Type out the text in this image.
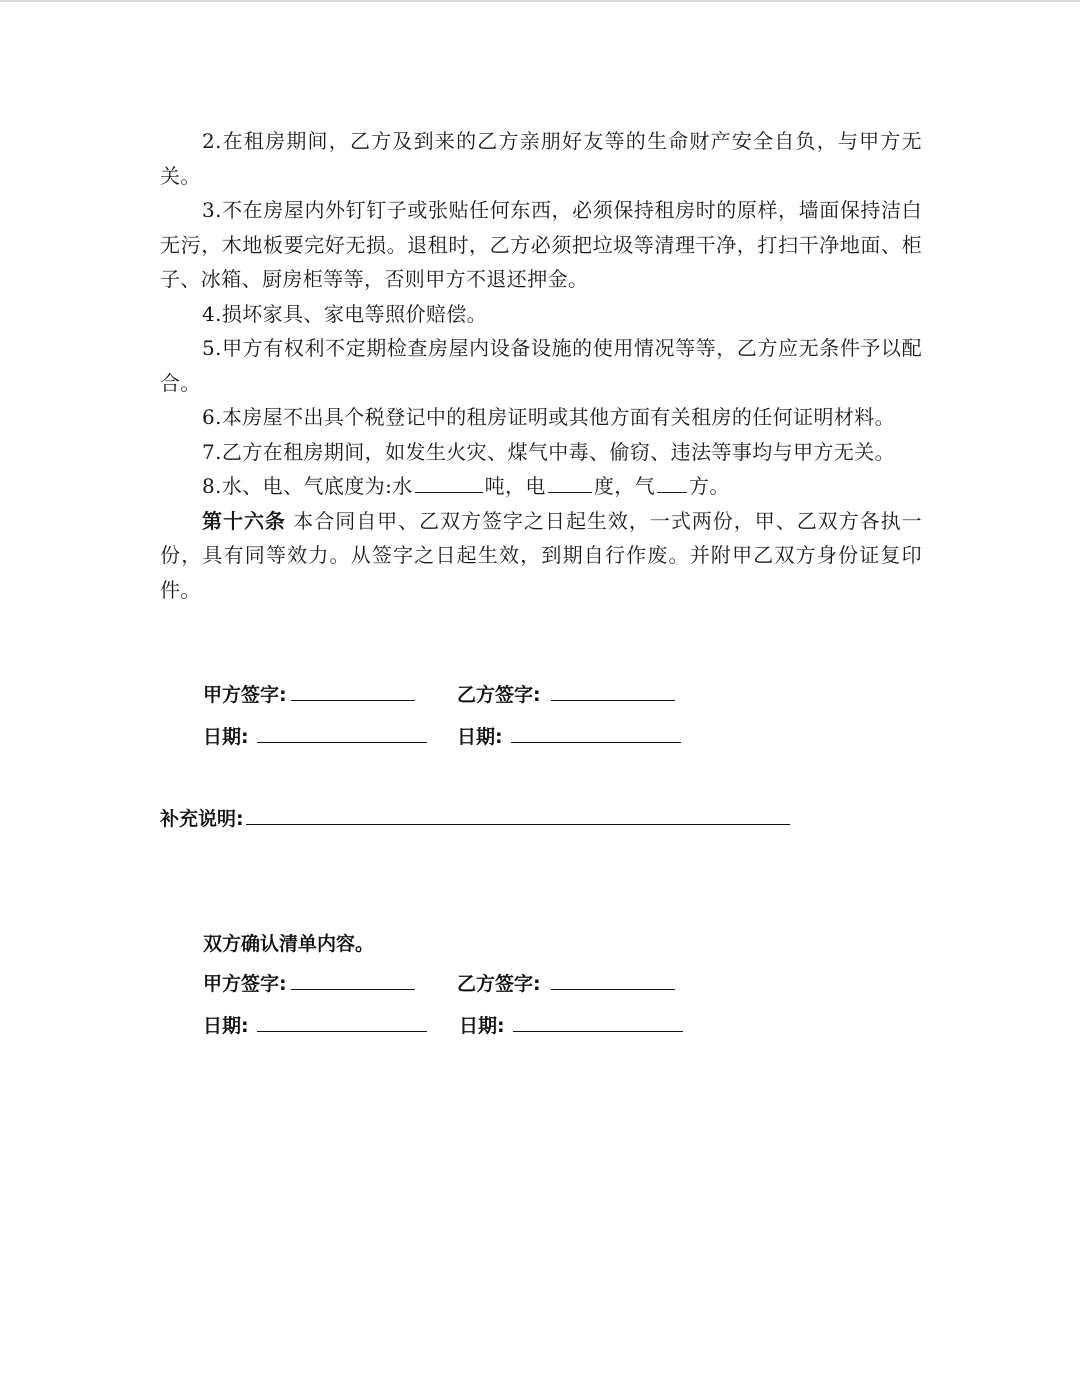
2.在租房期间，乙方及到来的乙方亲朋好友等的生命财产安全自负，与甲方无关。

3.不在房屋内外钉钉子或张贴任何东西，必须保持租房时的原样，墙面保持洁白无污，木地板要完好无损。退租时，乙方必须把垃圾等清理干净，打扫干净地面、柜子、冰箱、厨房柜等等，否则甲方不退还押金。

4.损坏家具、家电等照价赔偿。

5.甲方有权利不定期检查房屋内设备设施的使用情况等等，乙方应无条件予以配合。

6.本房屋不出具个税登记中的租房证明或其他方面有关租房的任何证明材料。

7.乙方在租房期间，如发生火灾、煤气中毒、偷窃、违法等事均与甲方无关。

8.水、电、气底度为:水	吨，电 度，气 方。

第十六条 本合同自甲、乙双方签字之日起生效，一式两份，甲、乙双方各执一份，具有同等效力。从签字之日起生效，到期自行作废。并附甲乙双方身份证复印件。

甲方签字:	乙方签字:
日期:	日期:
补充说明:
双方确认清单内容。
甲方签字:	乙方签字:
日期:	日期:
